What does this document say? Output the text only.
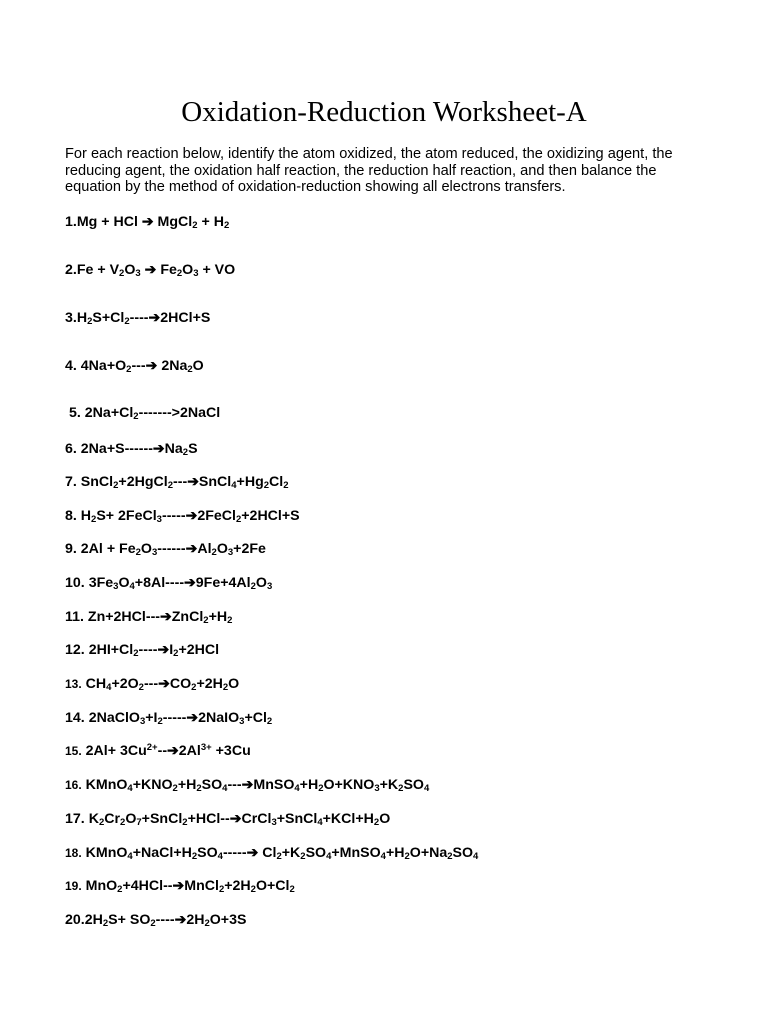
Oxidation-Reduction Worksheet-A

For each reaction below, identify the atom oxidized, the atom reduced, the oxidizing agent, the reducing agent, the oxidation half reaction, the reduction half reaction, and then balance the equation by the method of oxidation-reduction showing all electrons transfers.

1.Mg + HCl ➔ MgCl$_2$ + $H_2$

$2.Fe + V_2O_3$ ➔ $Fe_2O_3$ + VO

$3.H_2S+Cl_2----➔2HCl+S$

4. $4Na+O_2---➔$ $2Na_2O$

5. $2Na+Cl_2------->2NaCl$

6. $2Na+S------➔Na_2S$

7. $SnCl_2+2HgCl_2---➔SnCl_4+Hg_2Cl_2$

8. $H_2S+$ 2FeCl$_3$-----➔2FeCl$_2$+2HCl+S

9. $2Al + Fe_2O_3------➔Al_2O_3+2Fe$

10. $3Fe_3O_4+8Al----➔9Fe+4Al_2O_3$

11. $Zn+2HCl---➔ZnCl_2+H_2$

12. $2HI+Cl_2----➔I_2+2HCl$

13. $CH_4+2O_2---➔CO_2+2H_2O$

14. $2NaClO_3+I_2-----➔2NaIO_3+Cl_2$

15. $2Al+ 3Cu^{2+}--➔2Al^{3+} +3Cu$

16. $KMnO_4+KNO_2+H_2SO_4---➔MnSO_4+H_2O+KNO_3+K_2SO_4$

17. $K_2Cr_2O_7+SnCl_2+HCl--➔CrCl_3+SnCl_4+KCl+H_2O$

18. $KMnO_4+NaCl+H_2SO_4-----➔$ $Cl_2+K_2SO_4+MnSO_4+H_2O+Na_2SO_4$

19. $MnO_2+4HCl--➔MnCl_2+2H_2O+Cl_2$

$20.2H_2S+$ $SO_2----➔2H_2O+3S$
